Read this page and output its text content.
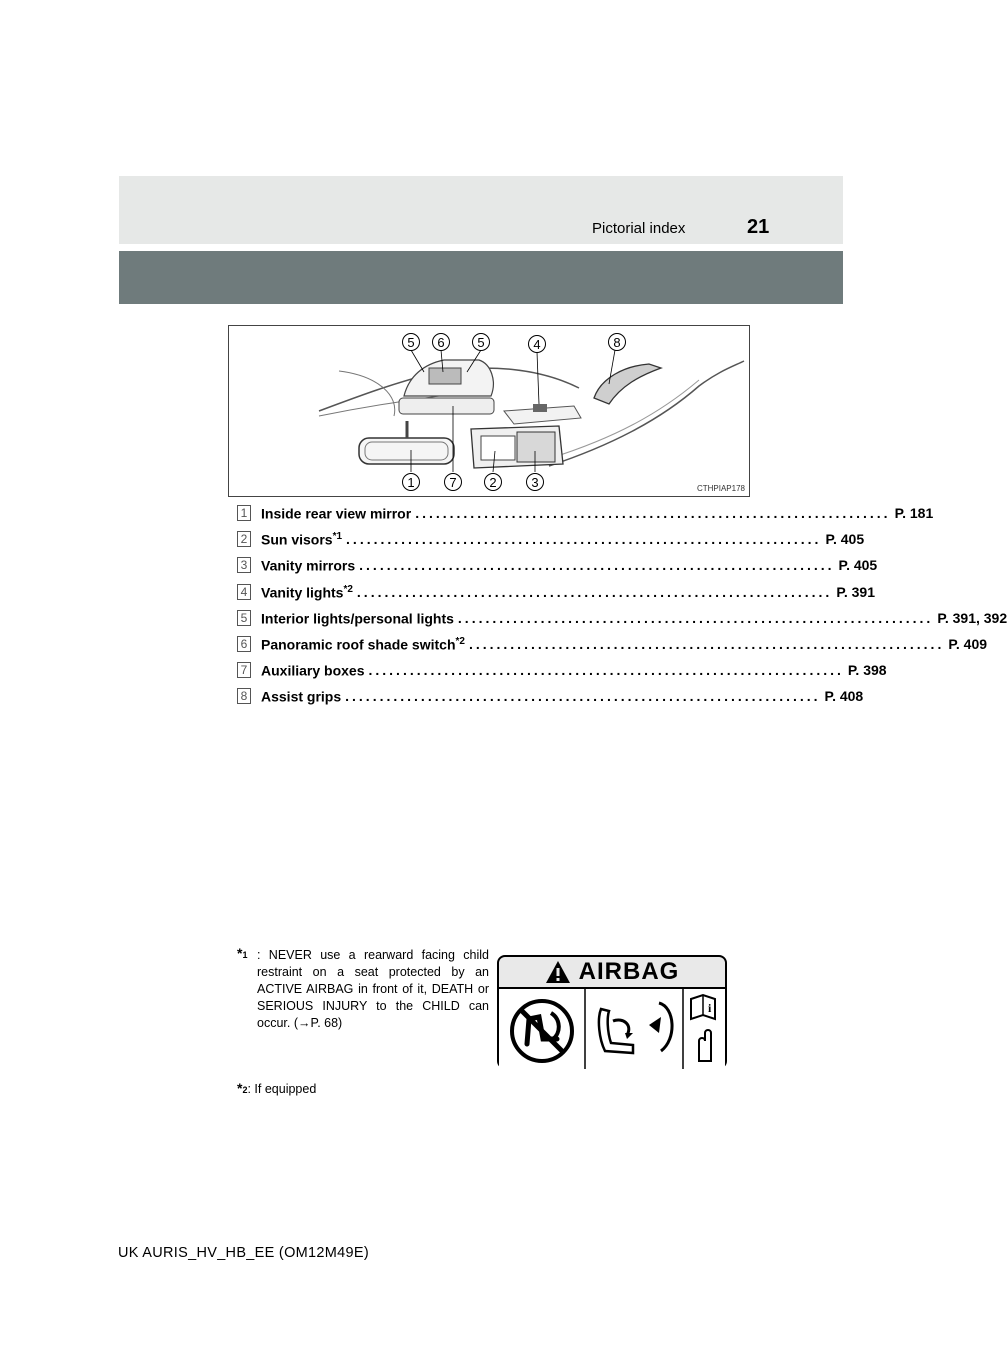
Pictorial index	21
5 6	5	4	8
1	7	2	3	CTHPIAP178
1 Inside rear view mirror ..................................................................... P. 181
2 Sun visors$^{*1}$ ..................................................................... P. 405
3 Vanity mirrors ..................................................................... P. 405
4 Vanity lights$^{*2}$ ..................................................................... P. 391
5 Interior lights/personal lights ..................................................................... P. 391, 392
6 Panoramic roof shade switch$^{*2}$ ..................................................................... P. 409
7 Auxiliary boxes ..................................................................... P. 398
8 Assist grips ..................................................................... P. 408
*1 : NEVER use a rearward facing child restraint on a seat protected by an ACTIVE AIRBAG in front of it, DEATH or SERIOUS INJURY to the CHILD can occur. (→P. 68)
*2: If equipped
AIRBAG
i
UK AURIS_HV_HB_EE (OM12M49E)
